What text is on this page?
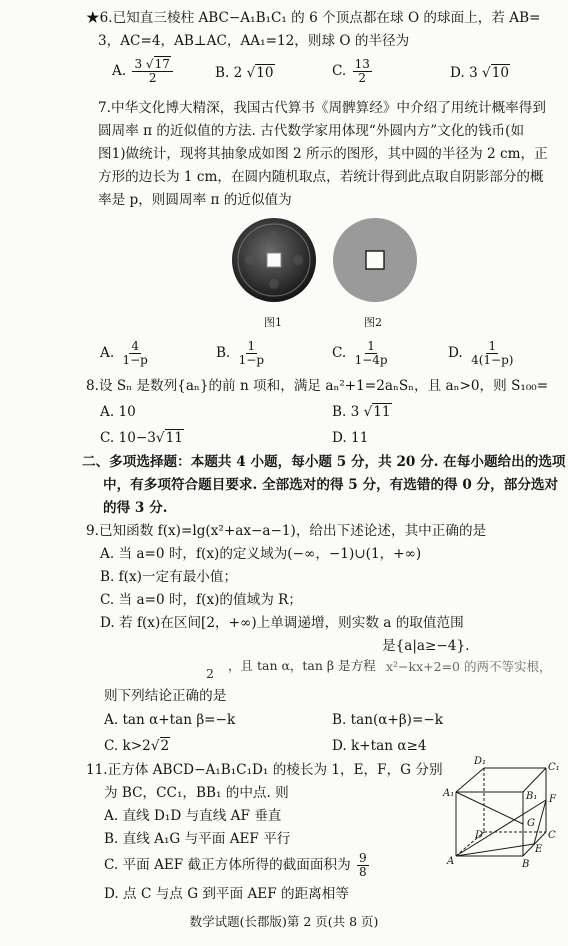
★6.已知直三棱柱 ABC−A₁B₁C₁ 的 6 个顶点都在球 O 的球面上，若 AB=
3，AC=4，AB⊥AC，AA₁=12，则球 O 的半径为
A. $\frac{3 √17}{2}$	B. 2 √10	C. $\frac{13}{2}$	D. 3 √10
7.中华文化博大精深，我国古代算书《周髀算经》中介绍了用统计概率得到
圆周率 π 的近似值的方法. 古代数学家用体现“外圆内方”文化的钱币(如
图1)做统计，现将其抽象成如图 2 所示的图形，其中圆的半径为 2 cm，正
方形的边长为 1 cm，在圆内随机取点，若统计得到此点取自阴影部分的概
率是 p，则圆周率 π 的近似值为
图1	图2
A. $\frac{4}{1-p}$	B. $\frac{1}{1-p}$	C. $\frac{1}{1-4p}$	D. $\frac{1}{4(1-p)}$
8.设 Sₙ 是数列{aₙ}的前 n 项和，满足 aₙ²+1=2aₙSₙ，且 aₙ>0，则 S₁₀₀=
A. 10	B. 3 √11
C. 10−3√11	D. 11
二、多项选择题：本题共 4 小题，每小题 5 分，共 20 分. 在每小题给出的选项
中，有多项符合题目要求. 全部选对的得 5 分，有选错的得 0 分，部分选对
的得 3 分.
9.已知函数 f(x)=lg(x²+ax−a−1)，给出下述论述，其中正确的是
A. 当 a=0 时，f(x)的定义域为(−∞，−1)∪(1，+∞)
B. f(x)一定有最小值；
C. 当 a=0 时，f(x)的值域为 R；
D. 若 f(x)在区间[2，+∞)上单调递增，则实数 a 的取值范围
是{a|a≥−4}.
2
，且 tan α，tan β 是方程 x²−kx+2=0 的两不等实根，
则下列结论正确的是
A. tan α+tan β=−k	B. tan(α+β)=−k
C. k>2√2	D. k+tan α≥4
11.正方体 ABCD−A₁B₁C₁D₁ 的棱长为 1，E，F，G 分别
为 BC，CC₁，BB₁ 的中点. 则
A. 直线 D₁D 与直线 AF 垂直
B. 直线 A₁G 与平面 AEF 平行
C. 平面 AEF 截正方体所得的截面面积为 $\frac{9}{8}$
D. 点 C 与点 G 到平面 AEF 的距离相等
D₁
C₁
A₁	B₁
D	C
A	B
E
F
G
数学试题(长郡版)第 2 页(共 8 页)
